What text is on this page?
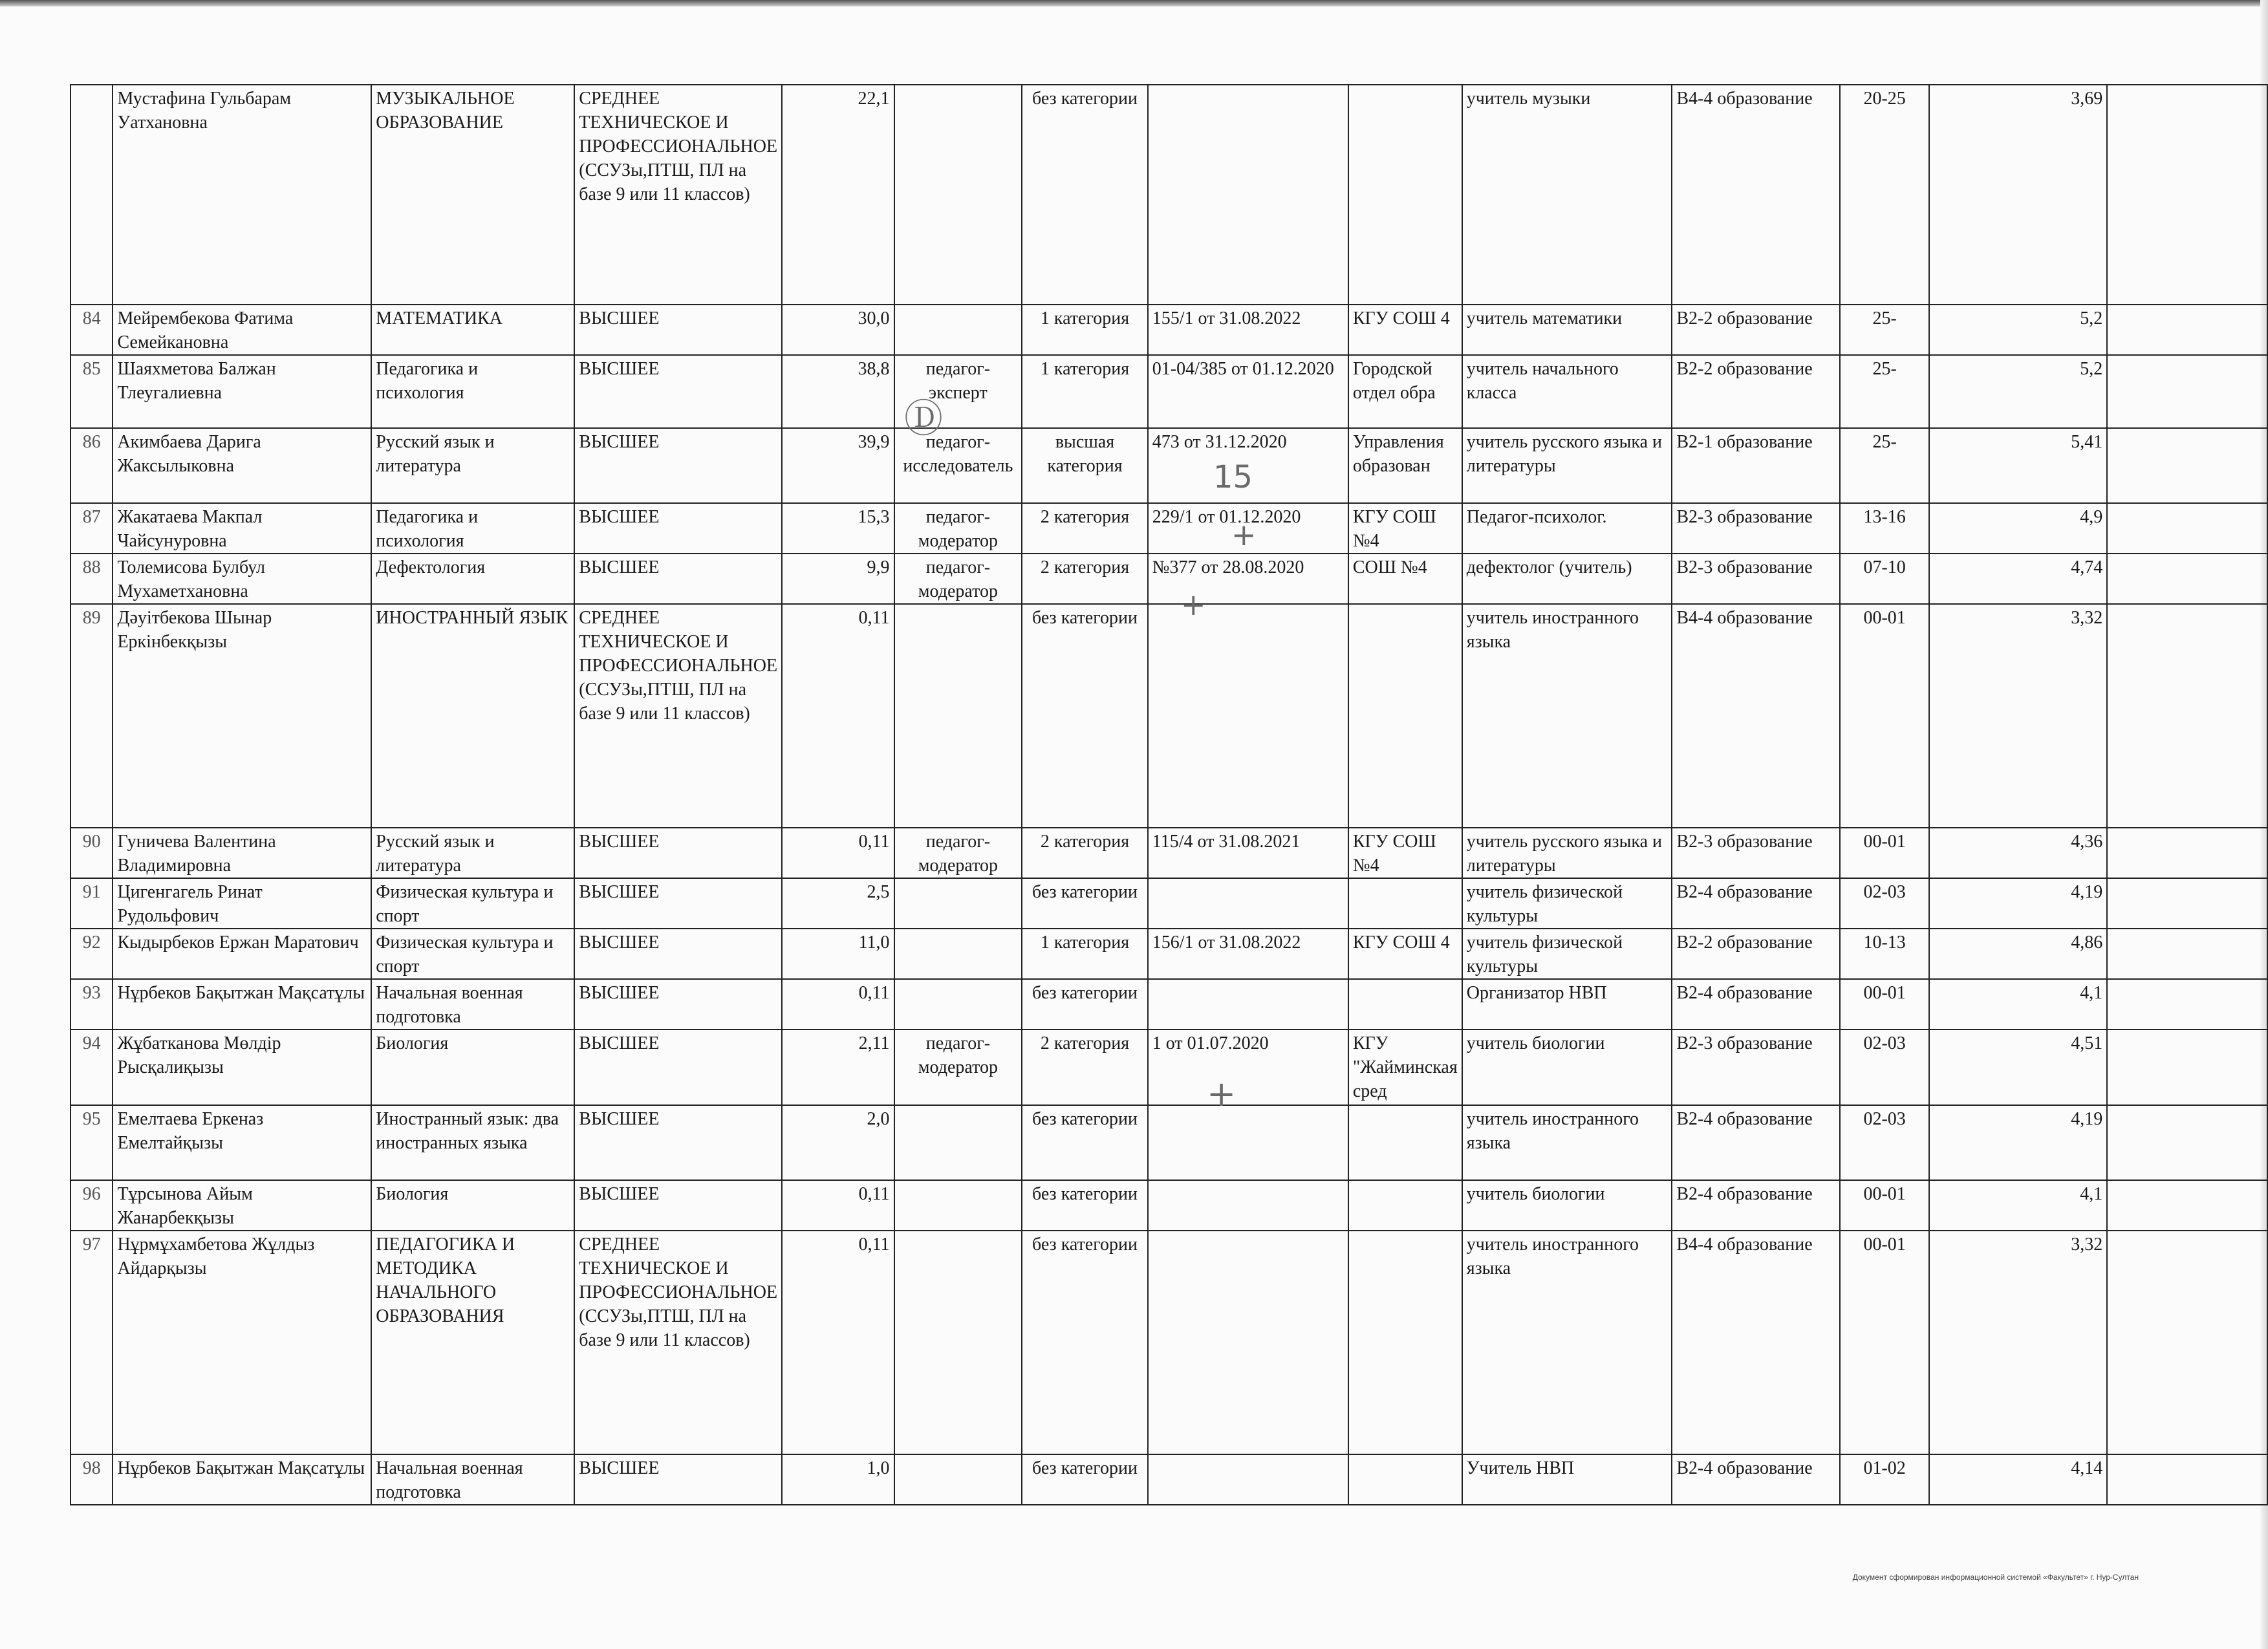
	Мустафина Гульбарам Уатхановна	МУЗЫКАЛЬНОЕ ОБРАЗОВАНИЕ	СРЕДНЕЕ ТЕХНИЧЕСКОЕ И ПРОФЕССИОНАЛЬНОЕ (ССУЗы,ПТШ, ПЛ на базе 9 или 11 классов)	22,1		без категории			учитель музыки	В4-4 образование	20-25	3,69	
84	Мейрембекова Фатима Семейкановна	МАТЕМАТИКА	ВЫСШЕЕ	30,0		1 категория	155/1 от 31.08.2022	КГУ СОШ 4	учитель математики	В2-2 образование	25-	5,2	
85	Шаяхметова Балжан Тлеугалиевна	Педагогика и психология	ВЫСШЕЕ	38,8	педагог-эксперт	1 категория	01-04/385 от 01.12.2020	Городской отдел обра	учитель начального класса	В2-2 образование	25-	5,2	
86	Акимбаева Дарига Жаксылыковна	Русский язык и литература	ВЫСШЕЕ	39,9	педагог-исследователь	высшая категория	473 от 31.12.2020	Управления образован	учитель русского языка и литературы	В2-1 образование	25-	5,41	
87	Жакатаева Макпал Чайсунуровна	Педагогика и психология	ВЫСШЕЕ	15,3	педагог-модератор	2 категория	229/1 от 01.12.2020	КГУ СОШ №4	Педагог-психолог.	В2-3 образование	13-16	4,9	
88	Толемисова Булбул Мухаметхановна	Дефектология	ВЫСШЕЕ	9,9	педагог-модератор	2 категория	№377 от 28.08.2020	СОШ №4	дефектолог (учитель)	В2-3 образование	07-10	4,74	
89	Дәуітбекова Шынар Еркінбекқызы	ИНОСТРАННЫЙ ЯЗЫК	СРЕДНЕЕ ТЕХНИЧЕСКОЕ И ПРОФЕССИОНАЛЬНОЕ (ССУЗы,ПТШ, ПЛ на базе 9 или 11 классов)	0,11		без категории			учитель иностранного языка	В4-4 образование	00-01	3,32	
90	Гуничева Валентина Владимировна	Русский язык и литература	ВЫСШЕЕ	0,11	педагог-модератор	2 категория	115/4 от 31.08.2021	КГУ СОШ №4	учитель русского языка и литературы	В2-3 образование	00-01	4,36	
91	Цигенгагель Ринат Рудольфович	Физическая культура и спорт	ВЫСШЕЕ	2,5		без категории			учитель физической культуры	В2-4 образование	02-03	4,19	
92	Кыдырбеков Ержан Маратович	Физическая культура и спорт	ВЫСШЕЕ	11,0		1 категория	156/1 от 31.08.2022	КГУ СОШ 4	учитель физической культуры	В2-2 образование	10-13	4,86	
93	Нұрбеков Бақытжан Мақсатұлы	Начальная военная подготовка	ВЫСШЕЕ	0,11		без категории			Организатор НВП	В2-4 образование	00-01	4,1	
94	Жұбатканова Мөлдір Рысқалиқызы	Биология	ВЫСШЕЕ	2,11	педагог-модератор	2 категория	1 от 01.07.2020	КГУ "Жайминская сред	учитель биологии	В2-3 образование	02-03	4,51	
95	Емелтаева Еркеназ Емелтайқызы	Иностранный язык: два иностранных языка	ВЫСШЕЕ	2,0		без категории			учитель иностранного языка	В2-4 образование	02-03	4,19	
96	Тұрсынова Айым Жанарбекқызы	Биология	ВЫСШЕЕ	0,11		без категории			учитель биологии	В2-4 образование	00-01	4,1	
97	Нұрмұхамбетова Жұлдыз Айдарқызы	ПЕДАГОГИКА И МЕТОДИКА НАЧАЛЬНОГО ОБРАЗОВАНИЯ	СРЕДНЕЕ ТЕХНИЧЕСКОЕ И ПРОФЕССИОНАЛЬНОЕ (ССУЗы,ПТШ, ПЛ на базе 9 или 11 классов)	0,11		без категории			учитель иностранного языка	В4-4 образование	00-01	3,32	
98	Нұрбеков Бақытжан Мақсатұлы	Начальная военная подготовка	ВЫСШЕЕ	1,0		без категории			Учитель НВП	В2-4 образование	01-02	4,14	
Ⓓ
15
+
+
+
Документ сформирован информационной системой «Факультет» г. Нур-Султан
